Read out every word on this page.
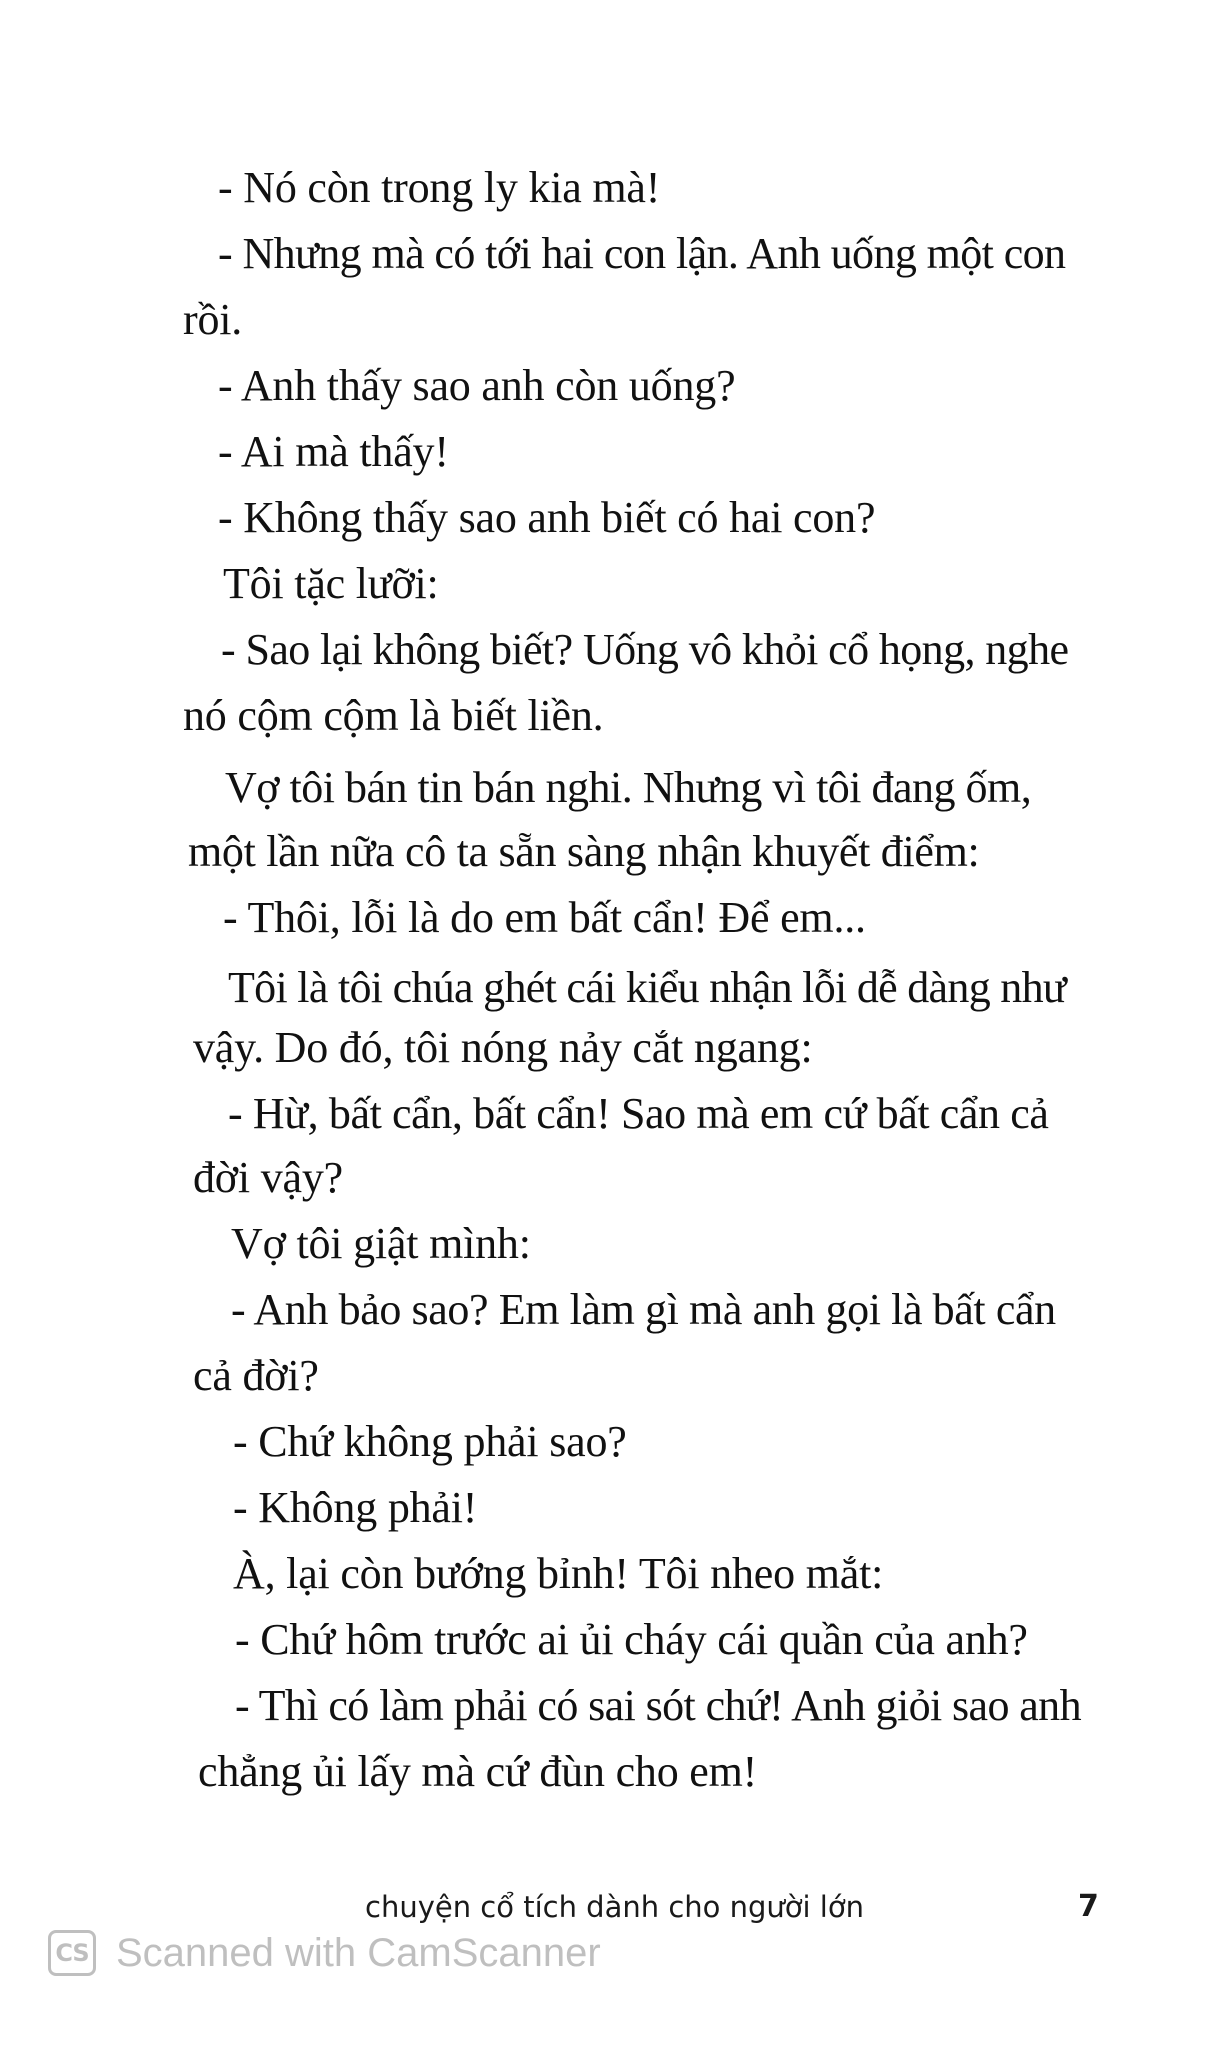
- Nó còn trong ly kia mà!
- Nhưng mà có tới hai con lận. Anh uống một con
rồi.
- Anh thấy sao anh còn uống?
- Ai mà thấy!
- Không thấy sao anh biết có hai con?
Tôi tặc lưỡi:
- Sao lại không biết? Uống vô khỏi cổ họng, nghe
nó cộm cộm là biết liền.
Vợ tôi bán tin bán nghi. Nhưng vì tôi đang ốm,
một lần nữa cô ta sẵn sàng nhận khuyết điểm:
- Thôi, lỗi là do em bất cẩn! Để em...
Tôi là tôi chúa ghét cái kiểu nhận lỗi dễ dàng như
vậy. Do đó, tôi nóng nảy cắt ngang:
- Hừ, bất cẩn, bất cẩn! Sao mà em cứ bất cẩn cả
đời vậy?
Vợ tôi giật mình:
- Anh bảo sao? Em làm gì mà anh gọi là bất cẩn
cả đời?
- Chứ không phải sao?
- Không phải!
À, lại còn bướng bỉnh! Tôi nheo mắt:
- Chứ hôm trước ai ủi cháy cái quần của anh?
- Thì có làm phải có sai sót chứ! Anh giỏi sao anh
chẳng ủi lấy mà cứ đùn cho em!
chuyện cổ tích dành cho người lớn	7
CS Scanned with CamScanner
